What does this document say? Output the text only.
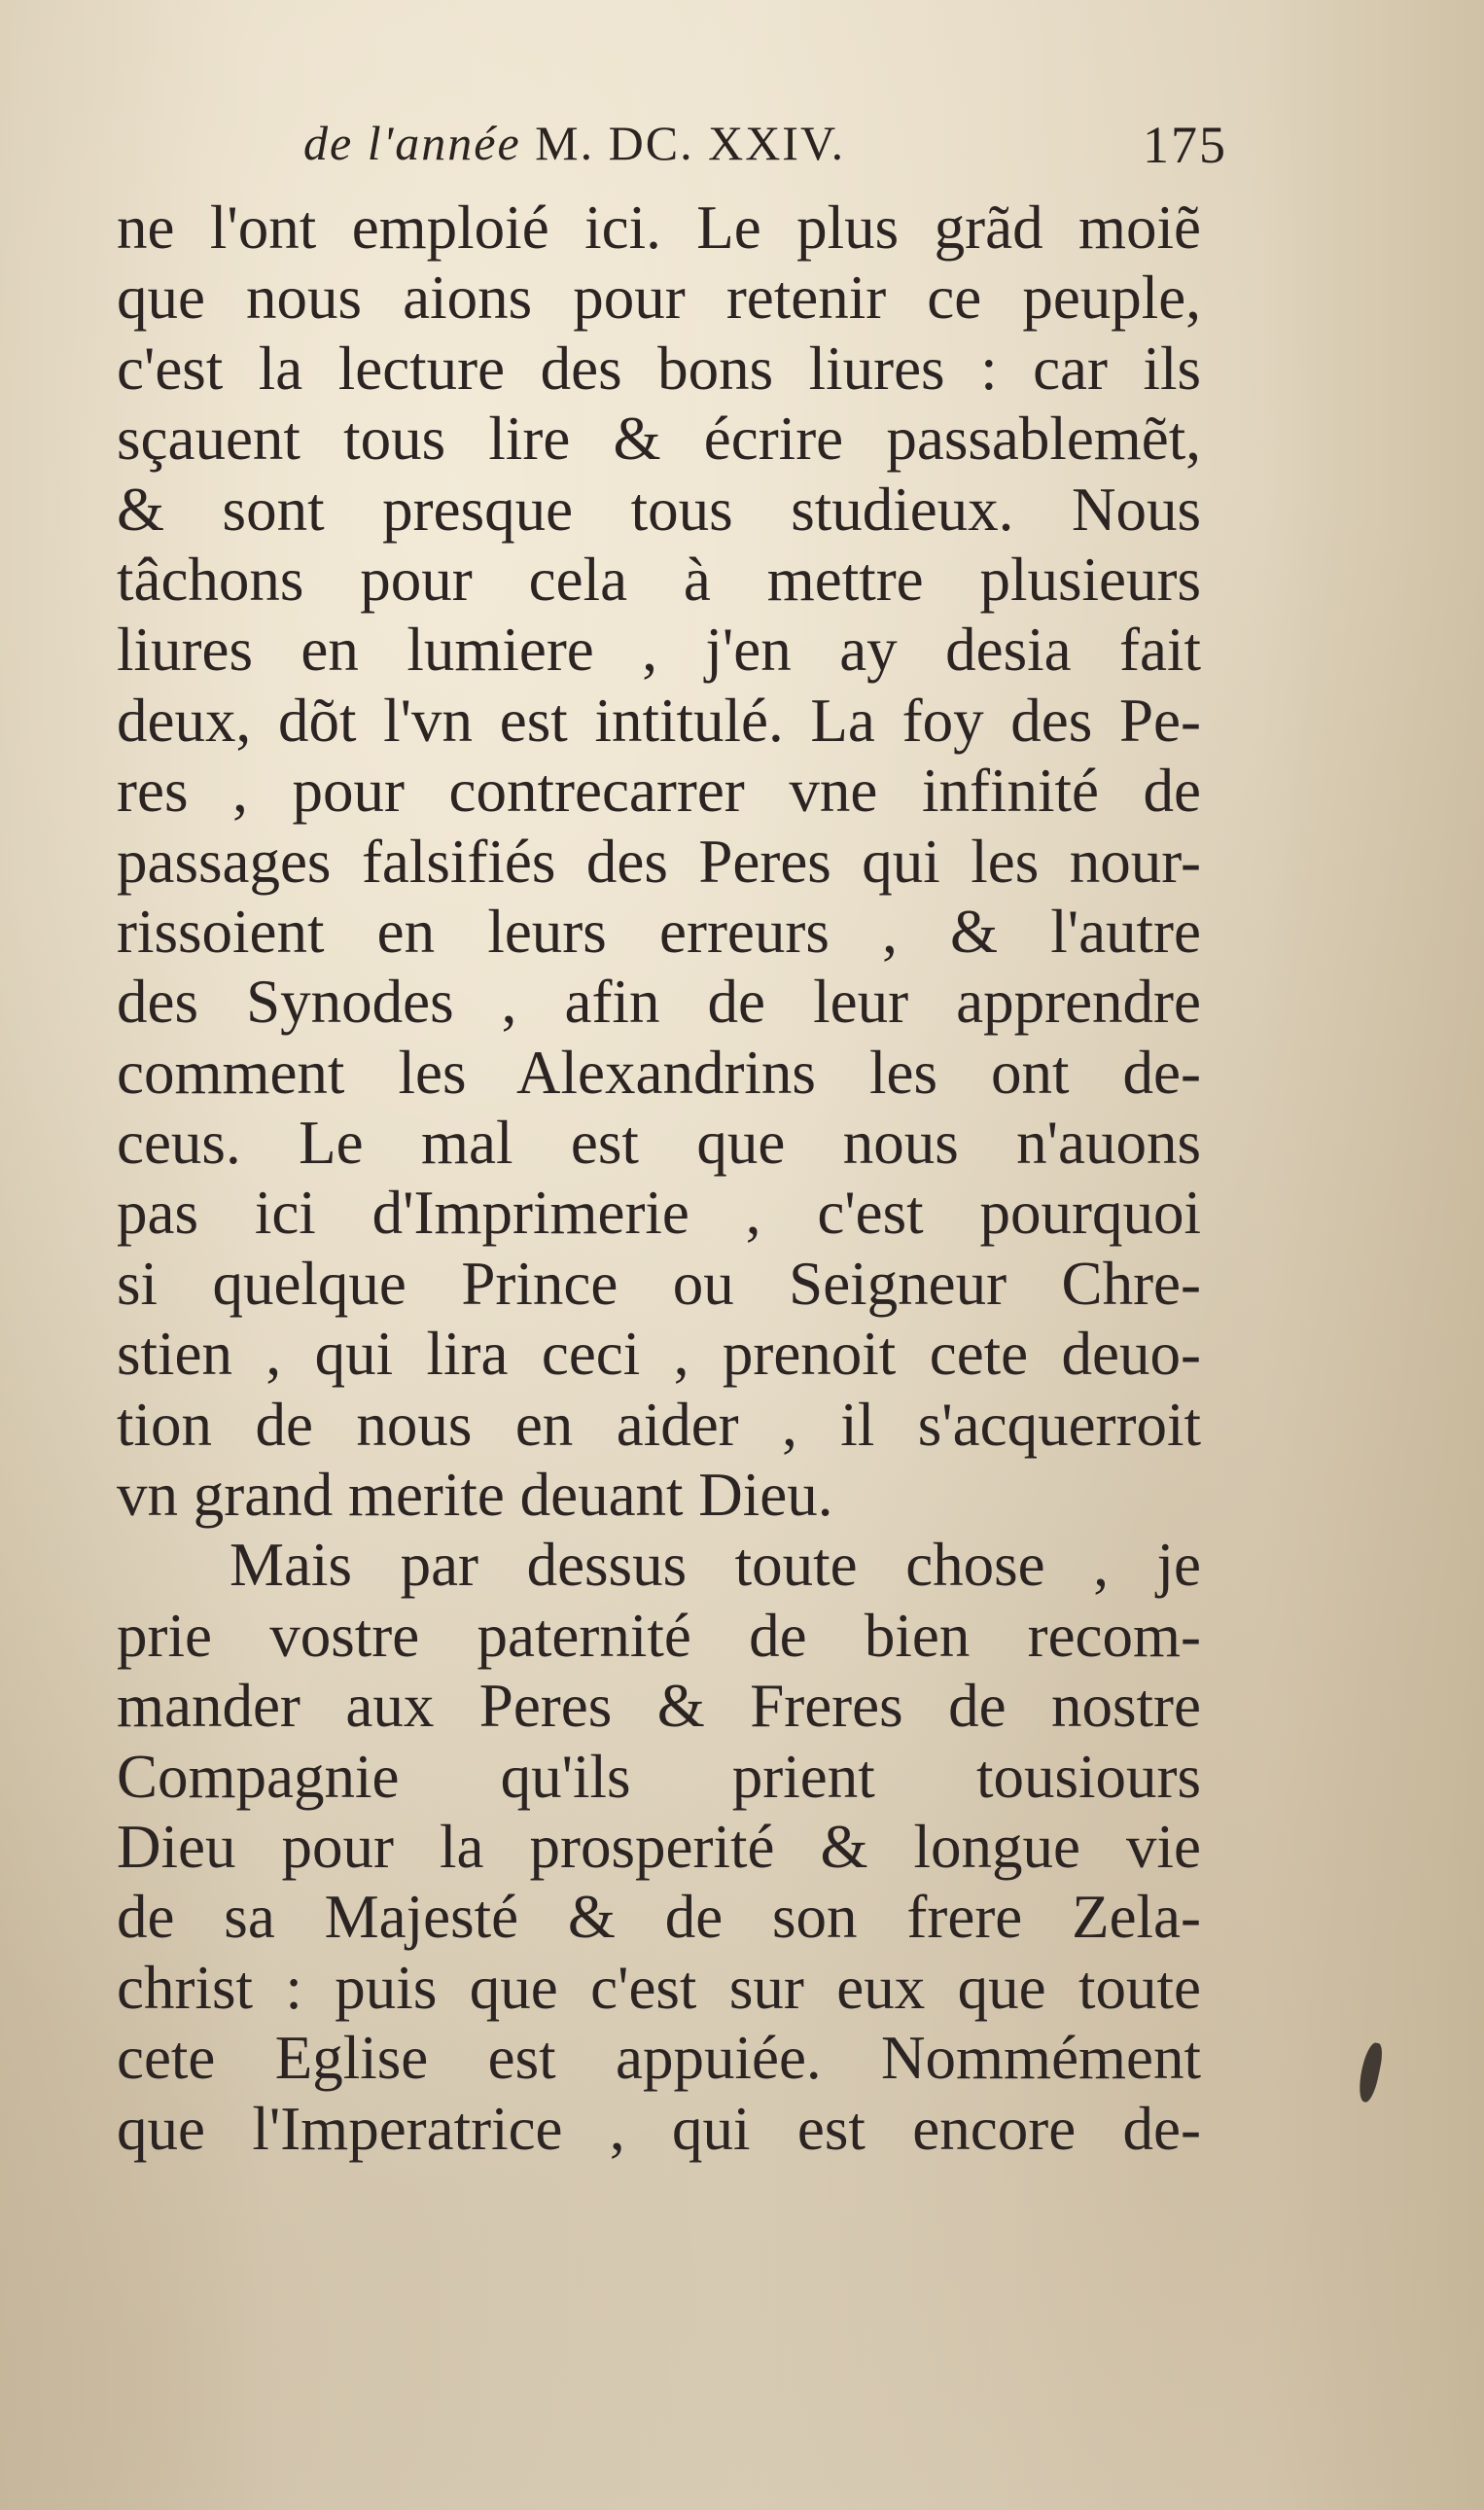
de l'année M. DC. XXIV.	175
ne l'ont emploié ici. Le plus grãd moiẽ
que nous aions pour retenir ce peuple,
c'est la lecture des bons liures : car ils
sçauent tous lire & écrire passablemẽt,
& sont presque tous studieux. Nous
tâchons pour cela à mettre plusieurs
liures en lumiere , j'en ay desia fait
deux, dõt l'vn est intitulé. La foy des Pe-
res , pour contrecarrer vne infinité de
passages falsifiés des Peres qui les nour-
rissoient en leurs erreurs , & l'autre
des Synodes , afin de leur apprendre
comment les Alexandrins les ont de-
ceus. Le mal est que nous n'auons
pas ici d'Imprimerie , c'est pourquoi
si quelque Prince ou Seigneur Chre-
stien , qui lira ceci , prenoit cete deuo-
tion de nous en aider , il s'acquerroit
vn grand merite deuant Dieu.
Mais par dessus toute chose , je
prie vostre paternité de bien recom-
mander aux Peres & Freres de nostre
Compagnie qu'ils prient tousiours
Dieu pour la prosperité & longue vie
de sa Majesté & de son frere Zela-
christ : puis que c'est sur eux que toute
cete Eglise est appuiée. Nommément
que l'Imperatrice , qui est encore de-
